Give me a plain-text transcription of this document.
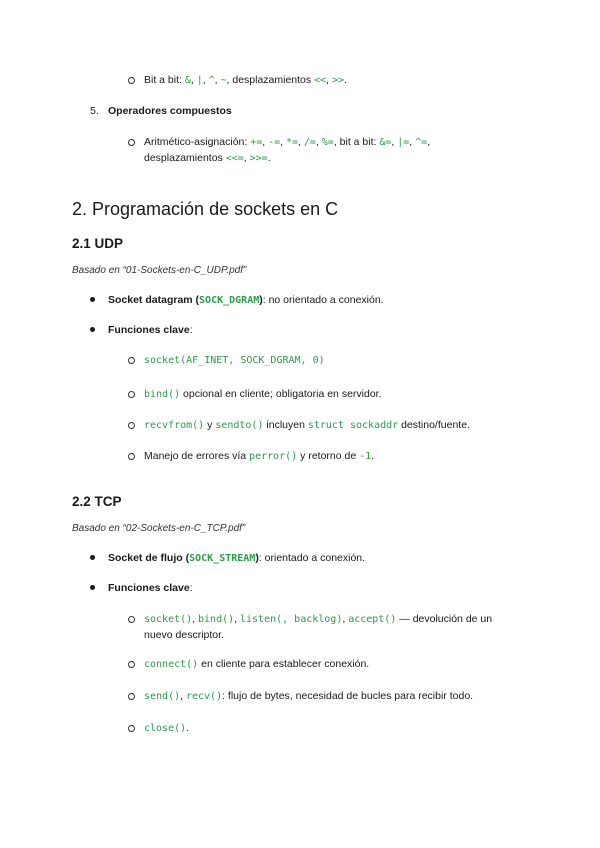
Bit a bit: &, |, ^, ~, desplazamientos <<, >>.
5. Operadores compuestos
Aritmético-asignación: +=, -=, *=, /=, %=, bit a bit: &=, |=, ^=,
desplazamientos <<=, >>=.
2. Programación de sockets en C
2.1 UDP
Basado en “01-Sockets-en-C_UDP.pdf”
Socket datagram (SOCK_DGRAM): no orientado a conexión.
Funciones clave:
socket(AF_INET, SOCK_DGRAM, 0)
bind() opcional en cliente; obligatoria en servidor.
recvfrom() y sendto() incluyen struct sockaddr destino/fuente.
Manejo de errores vía perror() y retorno de -1.
2.2 TCP
Basado en “02-Sockets-en-C_TCP.pdf”
Socket de flujo (SOCK_STREAM): orientado a conexión.
Funciones clave:
socket(), bind(), listen(, backlog), accept() — devolución de un
nuevo descriptor.
connect() en cliente para establecer conexión.
send(), recv(): flujo de bytes, necesidad de bucles para recibir todo.
close().
